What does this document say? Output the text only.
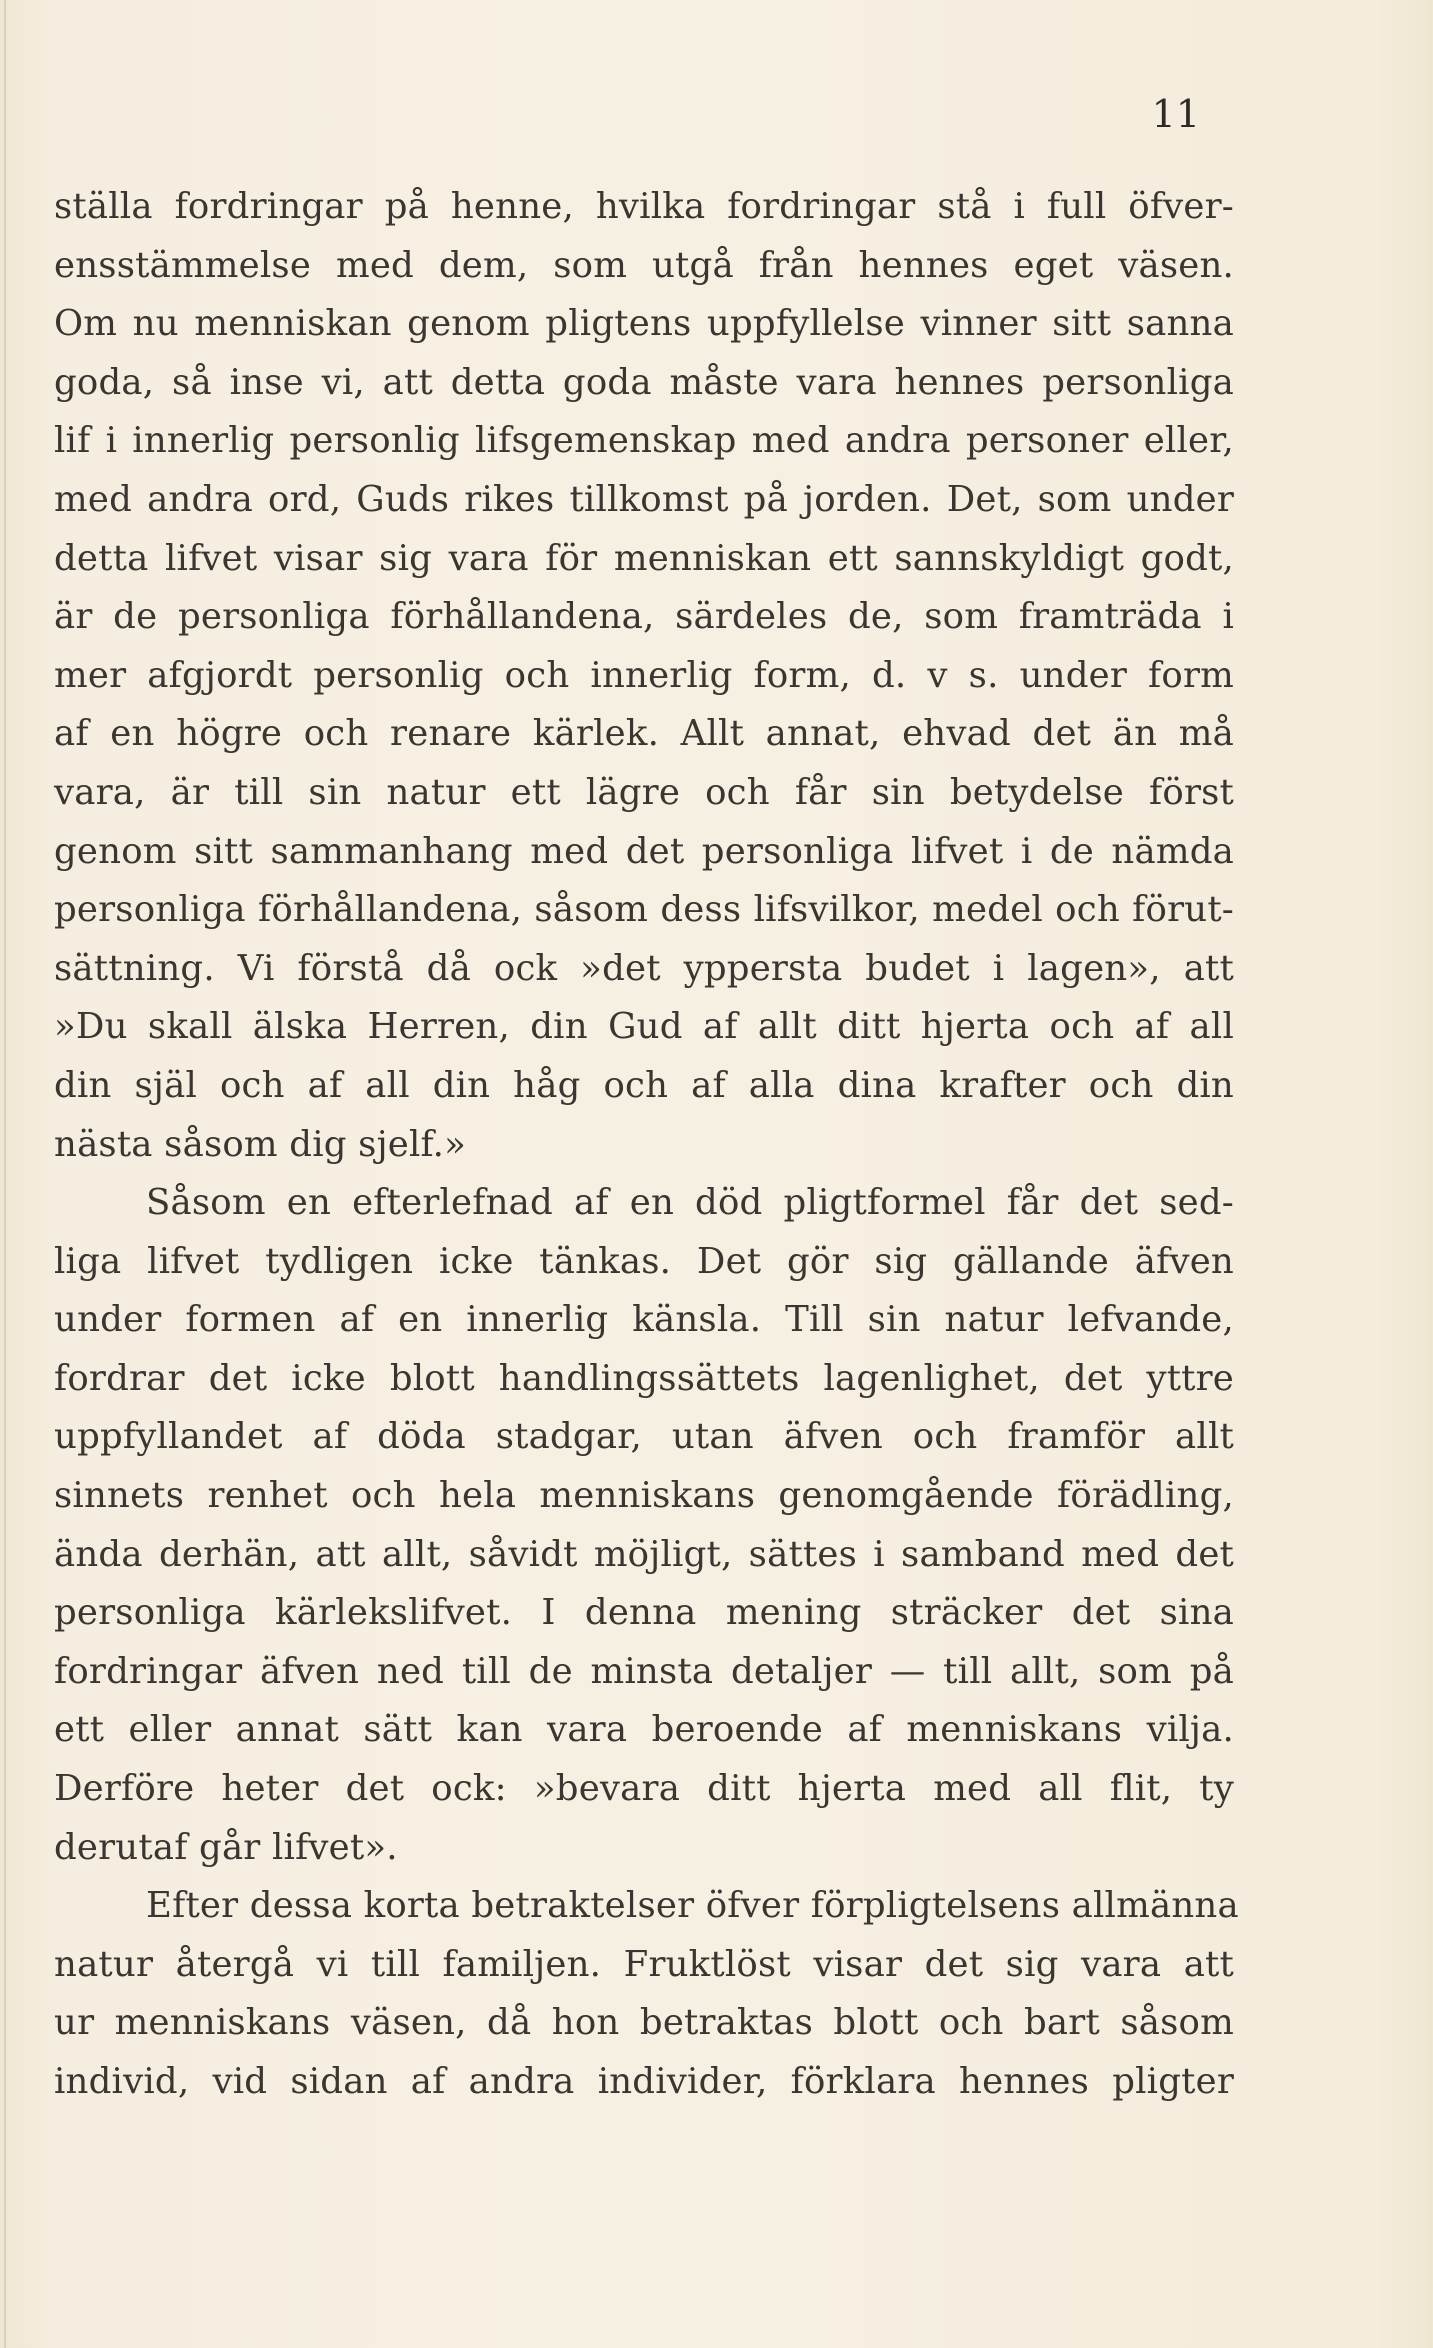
11
ställa fordringar på henne, hvilka fordringar stå i full öfver-
ensstämmelse med dem, som utgå från hennes eget väsen.
Om nu menniskan genom pligtens uppfyllelse vinner sitt sanna
goda, så inse vi, att detta goda måste vara hennes personliga
lif i innerlig personlig lifsgemenskap med andra personer eller,
med andra ord, Guds rikes tillkomst på jorden. Det, som under
detta lifvet visar sig vara för menniskan ett sannskyldigt godt,
är de personliga förhållandena, särdeles de, som framträda i
mer afgjordt personlig och innerlig form, d. v s. under form
af en högre och renare kärlek. Allt annat, ehvad det än må
vara, är till sin natur ett lägre och får sin betydelse först
genom sitt sammanhang med det personliga lifvet i de nämda
personliga förhållandena, såsom dess lifsvilkor, medel och förut-
sättning. Vi förstå då ock »det yppersta budet i lagen», att
»Du skall älska Herren, din Gud af allt ditt hjerta och af all
din själ och af all din håg och af alla dina krafter och din
nästa såsom dig sjelf.»
Såsom en efterlefnad af en död pligtformel får det sed-
liga lifvet tydligen icke tänkas. Det gör sig gällande äfven
under formen af en innerlig känsla. Till sin natur lefvande,
fordrar det icke blott handlingssättets lagenlighet, det yttre
uppfyllandet af döda stadgar, utan äfven och framför allt
sinnets renhet och hela menniskans genomgående förädling,
ända derhän, att allt, såvidt möjligt, sättes i samband med det
personliga kärlekslifvet. I denna mening sträcker det sina
fordringar äfven ned till de minsta detaljer — till allt, som på
ett eller annat sätt kan vara beroende af menniskans vilja.
Derföre heter det ock: »bevara ditt hjerta med all flit, ty
derutaf går lifvet».
Efter dessa korta betraktelser öfver förpligtelsens allmänna
natur återgå vi till familjen. Fruktlöst visar det sig vara att
ur menniskans väsen, då hon betraktas blott och bart såsom
individ, vid sidan af andra individer, förklara hennes pligter
